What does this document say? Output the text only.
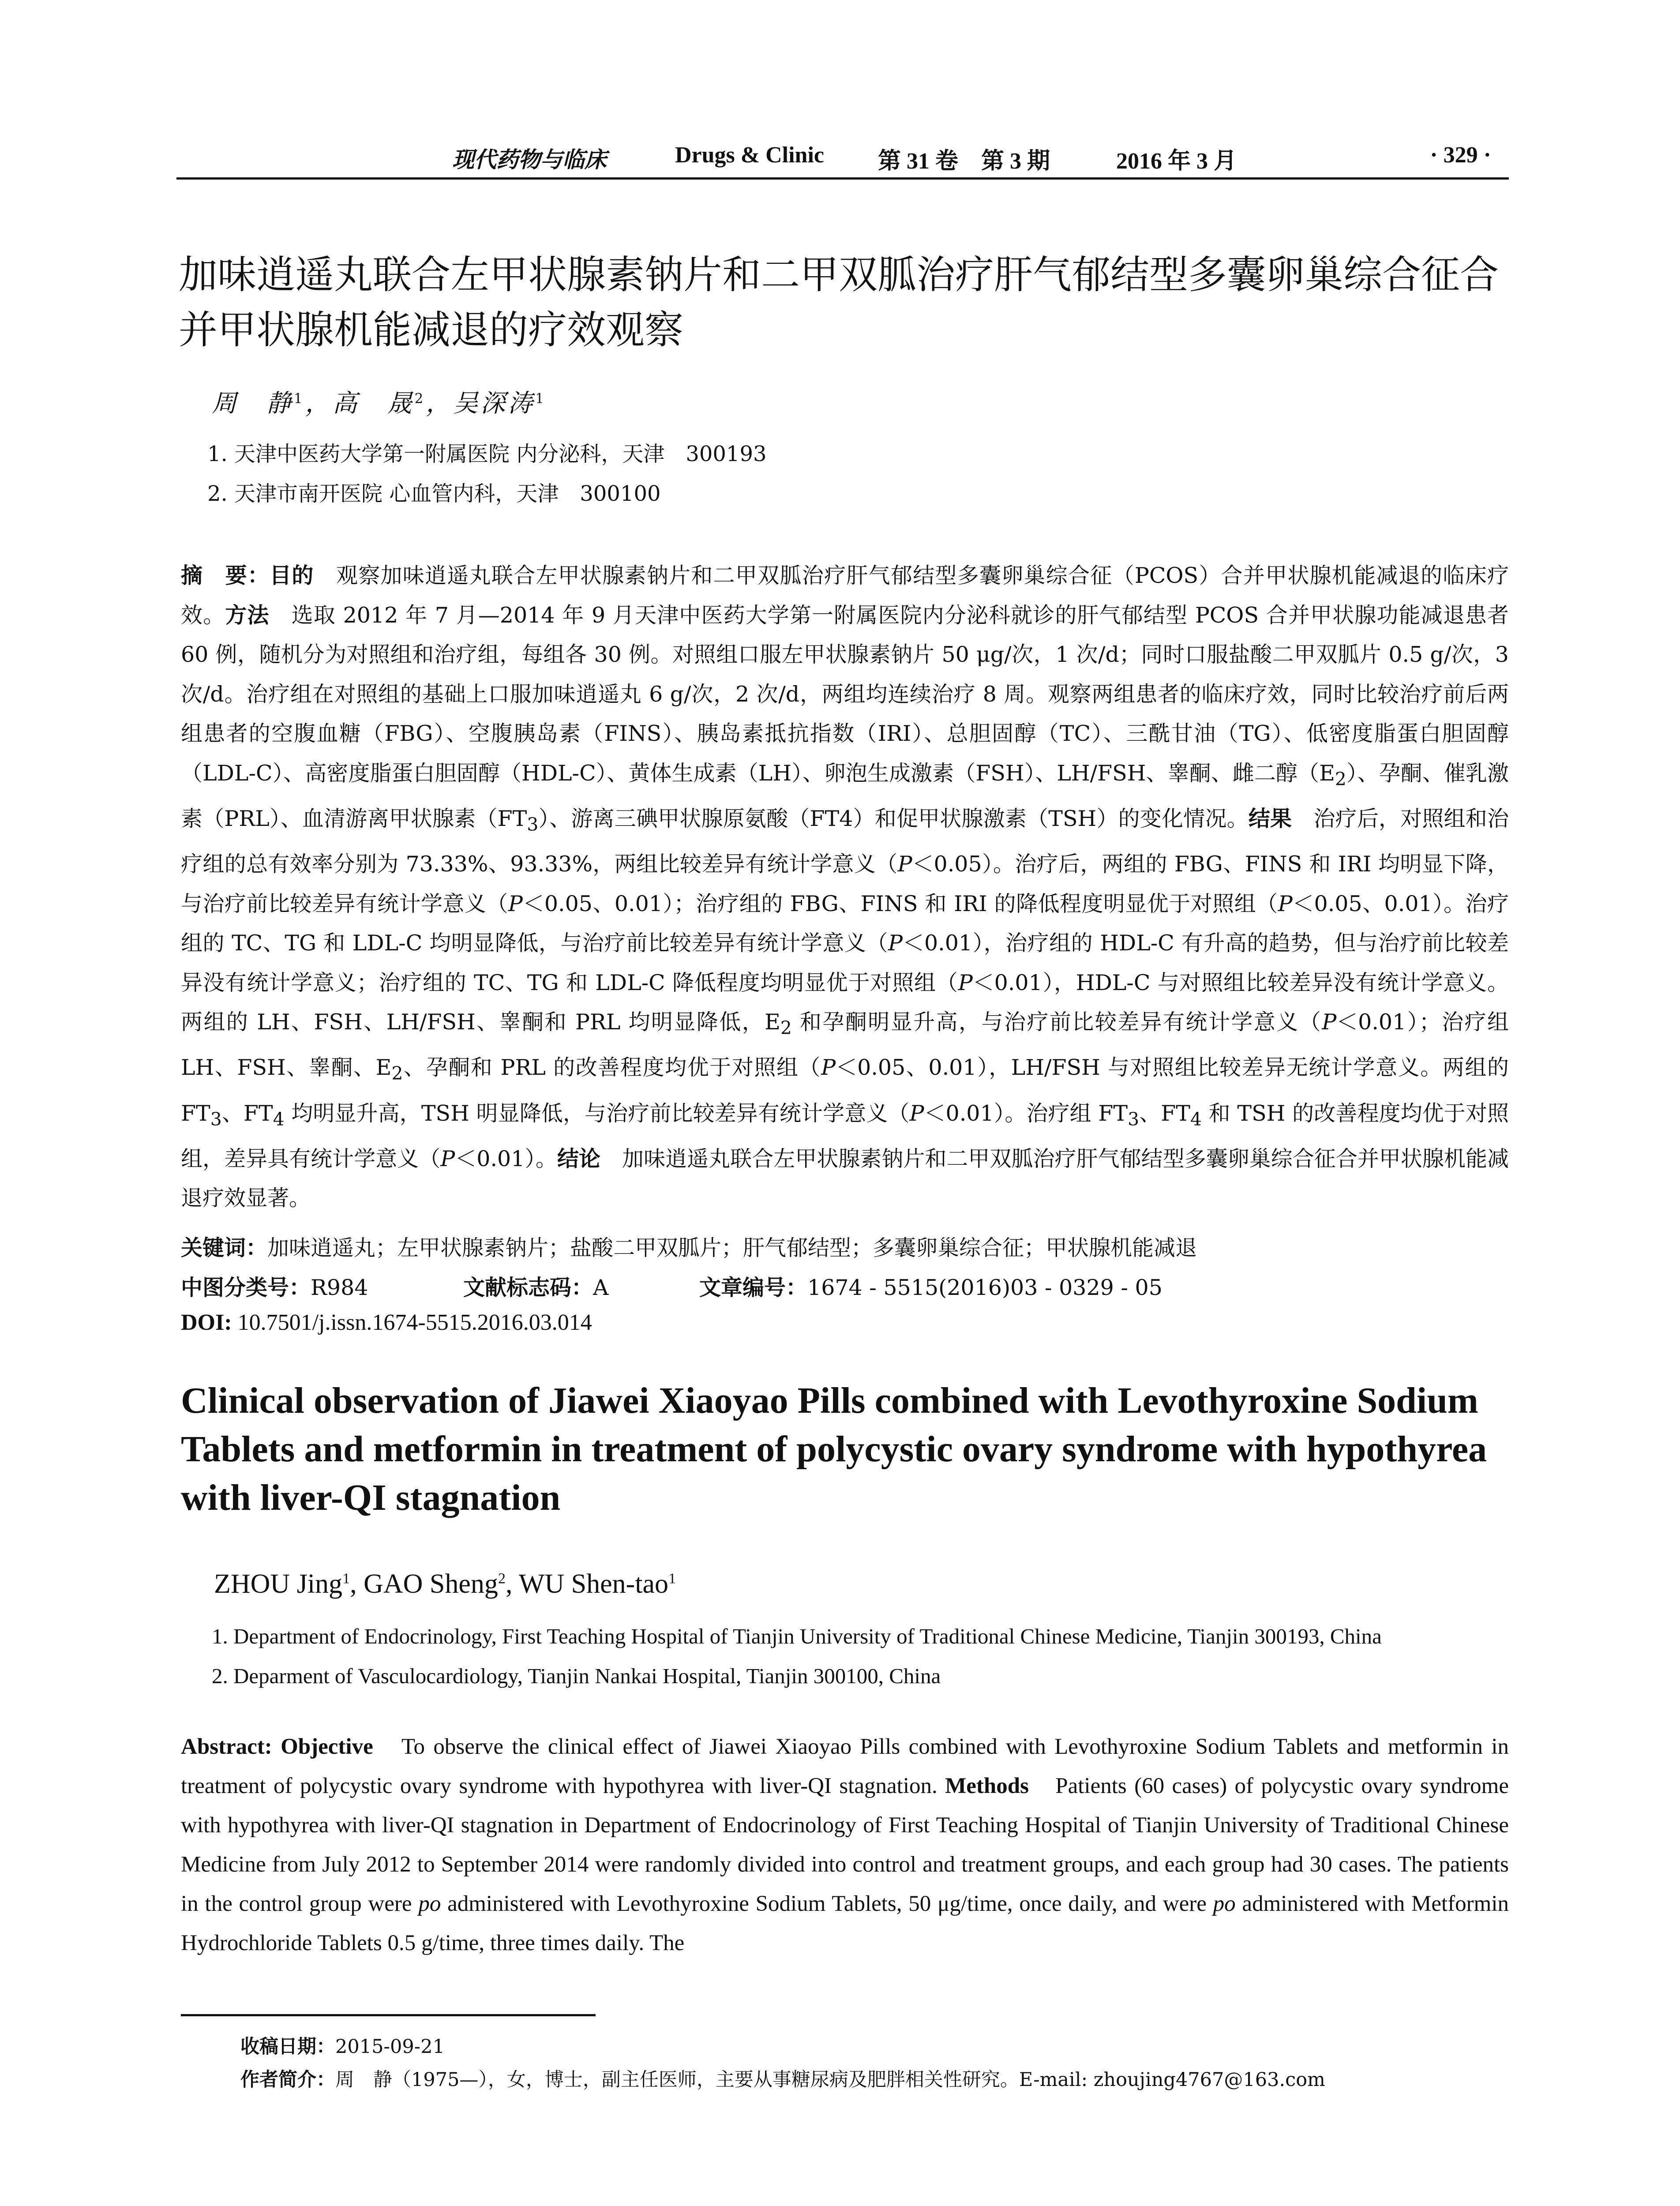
现代药物与临床	Drugs & Clinic 第 31 卷　第 3 期	2016 年 3 月	· 329 ·
加味逍遥丸联合左甲状腺素钠片和二甲双胍治疗肝气郁结型多囊卵巢综合征合并甲状腺机能减退的疗效观察
周　静$^1$，高　晟$^2$，吴深涛$^1$
1. 天津中医药大学第一附属医院 内分泌科，天津　300193
2. 天津市南开医院 心血管内科，天津　300100

摘　要：目的　观察加味逍遥丸联合左甲状腺素钠片和二甲双胍治疗肝气郁结型多囊卵巢综合征（PCOS）合并甲状腺机能减退的临床疗效。方法　选取 2012 年 7 月—2014 年 9 月天津中医药大学第一附属医院内分泌科就诊的肝气郁结型 PCOS 合并甲状腺功能减退患者 60 例，随机分为对照组和治疗组，每组各 30 例。对照组口服左甲状腺素钠片 50 μg/次，1 次/d；同时口服盐酸二甲双胍片 0.5 g/次，3 次/d。治疗组在对照组的基础上口服加味逍遥丸 6 g/次，2 次/d，两组均连续治疗 8 周。观察两组患者的临床疗效，同时比较治疗前后两组患者的空腹血糖（FBG）、空腹胰岛素（FINS）、胰岛素抵抗指数（IRI）、总胆固醇（TC）、三酰甘油（TG）、低密度脂蛋白胆固醇（LDL-C）、高密度脂蛋白胆固醇（HDL-C）、黄体生成素（LH）、卵泡生成激素（FSH）、LH/FSH、睾酮、雌二醇$(E_2)$、孕酮、催乳激素（PRL）、血清游离甲状腺素$(FT_3)$、游离三碘甲状腺原氨酸（FT4）和促甲状腺激素（TSH）的变化情况。结果　治疗后，对照组和治疗组的总有效率分别为 73.33%、93.33%，两组比较差异有统计学意义（P＜0.05）。治疗后，两组的 FBG、FINS 和 IRI 均明显下降，与治疗前比较差异有统计学意义（P＜0.05、0.01）；治疗组的 FBG、FINS 和 IRI 的降低程度明显优于对照组（P＜0.05、0.01）。治疗组的 TC、TG 和 LDL-C 均明显降低，与治疗前比较差异有统计学意义（P＜0.01），治疗组的 HDL-C 有升高的趋势，但与治疗前比较差异没有统计学意义；治疗组的 TC、TG 和 LDL-C 降低程度均明显优于对照组（P＜0.01），HDL-C 与对照组比较差异没有统计学意义。两组的 LH、FSH、LH/FSH、睾酮和 PRL 均明显降低，$E_2$ 和孕酮明显升高，与治疗前比较差异有统计学意义（P＜0.01）；治疗组 LH、FSH、睾酮、$E_2$、孕酮和 PRL 的改善程度均优于对照组（P＜0.05、0.01），LH/FSH 与对照组比较差异无统计学意义。两组的 $FT_3$、$FT_4$ 均明显升高，TSH 明显降低，与治疗前比较差异有统计学意义（P＜0.01）。治疗组 $FT_3$、$FT_4$ 和 TSH 的改善程度均优于对照组，差异具有统计学意义（P＜0.01）。结论　加味逍遥丸联合左甲状腺素钠片和二甲双胍治疗肝气郁结型多囊卵巢综合征合并甲状腺机能减退疗效显著。

关键词：加味逍遥丸；左甲状腺素钠片；盐酸二甲双胍片；肝气郁结型；多囊卵巢综合征；甲状腺机能减退
中图分类号：R984	文献标志码：A	文章编号：1674 - 5515(2016)03 - 0329 - 05
DOI: 10.7501/j.issn.1674-5515.2016.03.014
Clinical observation of Jiawei Xiaoyao Pills combined with Levothyroxine Sodium Tablets and metformin in treatment of polycystic ovary syndrome with hypothyrea with liver-QI stagnation
ZHOU Jing$^1$, GAO Sheng$^2$, WU Shen-tao$^1$
1. Department of Endocrinology, First Teaching Hospital of Tianjin University of Traditional Chinese Medicine, Tianjin 300193, China
2. Deparment of Vasculocardiology, Tianjin Nankai Hospital, Tianjin 300100, China

Abstract: Objective　To observe the clinical effect of Jiawei Xiaoyao Pills combined with Levothyroxine Sodium Tablets and metformin in treatment of polycystic ovary syndrome with hypothyrea with liver-QI stagnation. Methods　Patients (60 cases) of polycystic ovary syndrome with hypothyrea with liver-QI stagnation in Department of Endocrinology of First Teaching Hospital of Tianjin University of Traditional Chinese Medicine from July 2012 to September 2014 were randomly divided into control and treatment groups, and each group had 30 cases. The patients in the control group were po administered with Levothyroxine Sodium Tablets, 50 μg/time, once daily, and were po administered with Metformin Hydrochloride Tablets 0.5 g/time, three times daily. The

收稿日期：2015-09-21
作者简介：周　静（1975—），女，博士，副主任医师，主要从事糖尿病及肥胖相关性研究。E-mail: zhoujing4767@163.com
